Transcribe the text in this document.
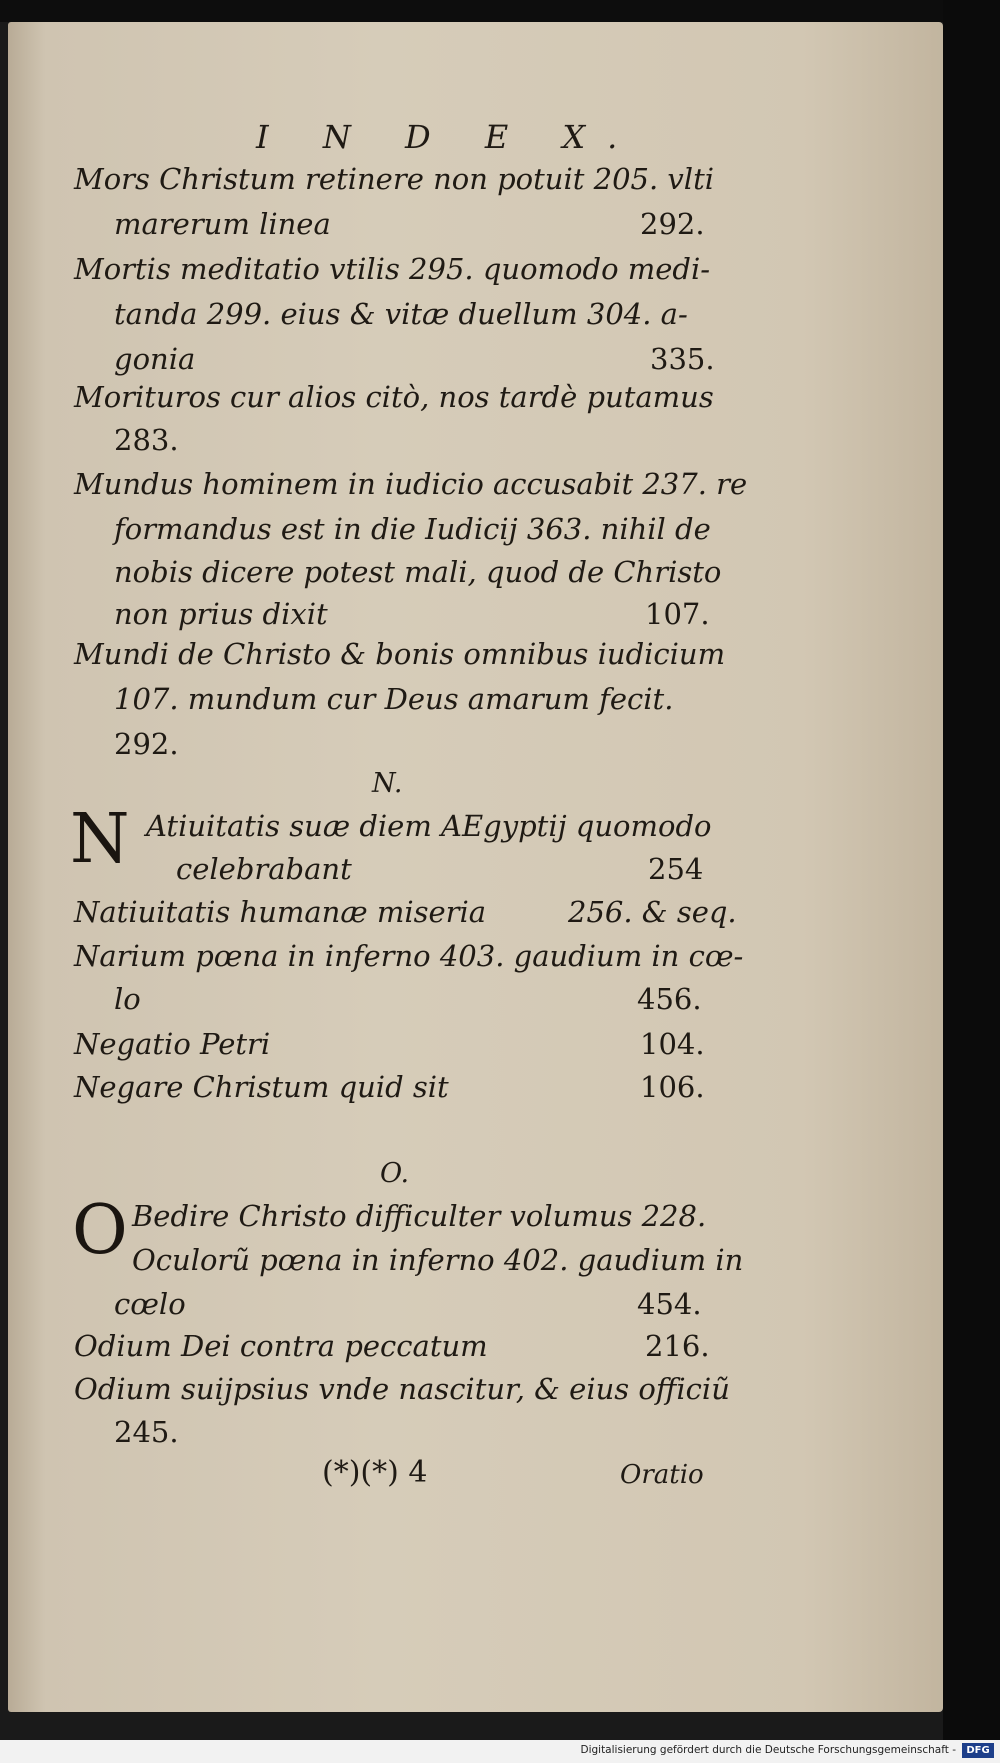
I N D E X.
Mors Christum retinere non potuit 205. vlti
marerum linea	292.
Mortis meditatio vtilis 295. quomodo medi-
tanda 299. eius & vitæ duellum 304. a-
gonia	335.
Morituros cur alios citò, nos tardè putamus
283.
Mundus hominem in iudicio accusabit 237. re
formandus est in die Iudicij 363. nihil de
nobis dicere potest mali, quod de Christo
non prius dixit	107.
Mundi de Christo & bonis omnibus iudicium
107. mundum cur Deus amarum fecit.
292.
Atiuitatis suæ diem AEgyptij quomodo
celebrabant	254
Natiuitatis humanæ miseria	256. & seq.
Narium pœna in inferno 403. gaudium in cœ-
lo	456.
Negatio Petri	104.
Negare Christum quid sit	106.
Bedire Christo difficulter volumus 228.
Oculorũ pœna in inferno 402. gaudium in
cœlo	454.
Odium Dei contra peccatum	216.
Odium suijpsius vnde nascitur, & eius officiũ
245.
N.
O.
N
O
(*)(*) 4	Oratio
Digitalisierung gefördert durch die Deutsche Forschungsgemeinschaft -	DFG
